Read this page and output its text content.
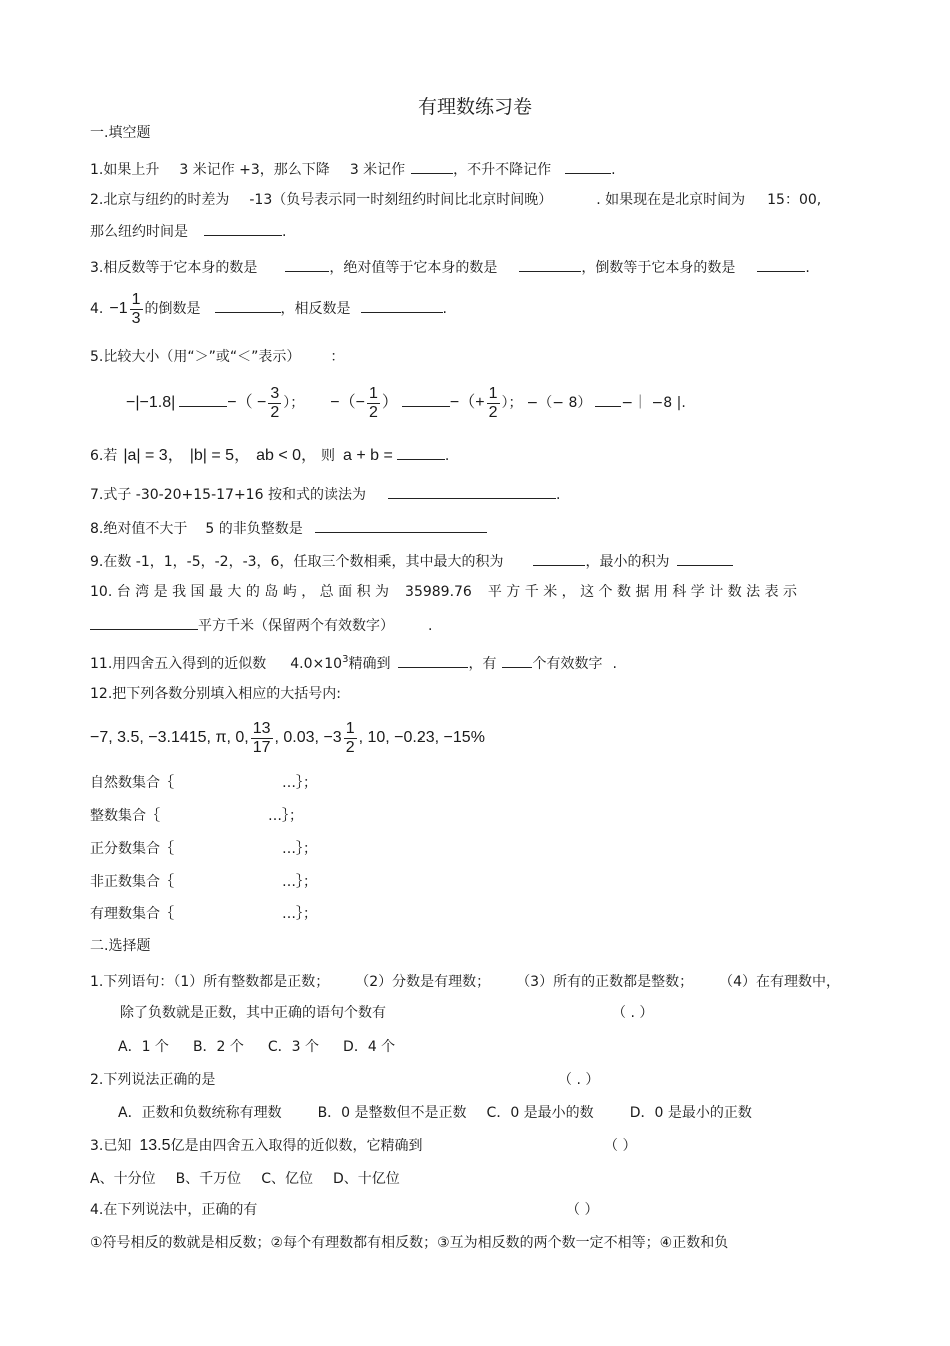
有理数练习卷
一.填空题
1.如果上升 3 米记作 +3，那么下降 3 米记作	，不升不降记作	.
2.北京与纽约的时差为 -13（负号表示同一时刻纽约时间比北京时间晚）	. 如果现在是北京时间为 15：00,
那么纽约时间是	.
3.相反数等于它本身的数是	，绝对值等于它本身的数是	，倒数等于它本身的数是	.
4. $-1 \frac{1}{3}$ 的倒数是	，相反数是	.
5.比较大小（用“＞”或“＜”表示） ：
−|−1.8|	−（ − $\frac{3}{2}$ ）； −（− $\frac{1}{2}$ ）	−（+ $\frac{1}{2}$ ）； −（− 8） −｜ −8 |.
6.若 |a| = 3， |b| = 5， ab < 0， 则 a + b =	.
7.式子 -30-20+15-17+16 按和式的读法为	.
8.绝对值不大于 5 的非负整数是
9.在数 -1，1，-5，-2，-3，6，任取三个数相乘，其中最大的积为	，最小的积为
10. 台 湾 是 我 国 最 大 的 岛 屿 ， 总 面 积 为 35989.76 平 方 千 米 ， 这 个 数 据 用 科 学 计 数 法 表 示
平方千米（保留两个有效数字） .
11.用四舍五入得到的近似数 $4.0\times 10^3$精确到	，有	个有效数字 .
12.把下列各数分别填入相应的大括号内:
−7, 3.5, −3.1415, π, 0, $\frac{13}{17}$ , 0.03, $-3 \frac{1}{2}$ , 10, −0.· 23, −15%
自然数集合｛	…｝；
整数集合｛	…｝；
正分数集合｛	…｝；
非正数集合｛	…｝；
有理数集合｛	…｝；
二.选择题
1.下列语句：（1）所有整数都是正数； （2）分数是有理数； （3）所有的正数都是整数； （4）在有理数中，
除了负数就是正数，其中正确的语句个数有	（ . ）
A．1 个 B．2 个 C．3 个 D．4 个
2.下列说法正确的是	（ . ）
A．正数和负数统称有理数	B．0 是整数但不是正数 C．0 是最小的数	D．0 是最小的正数
3.已知 13.5亿是由四舍五入取得的近似数，它精确到	（ ）
A、十分位 B、千万位 C、亿位 D、十亿位
4.在下列说法中，正确的有	（ ）
①符号相反的数就是相反数；②每个有理数都有相反数；③互为相反数的两个数一定不相等；④正数和负
